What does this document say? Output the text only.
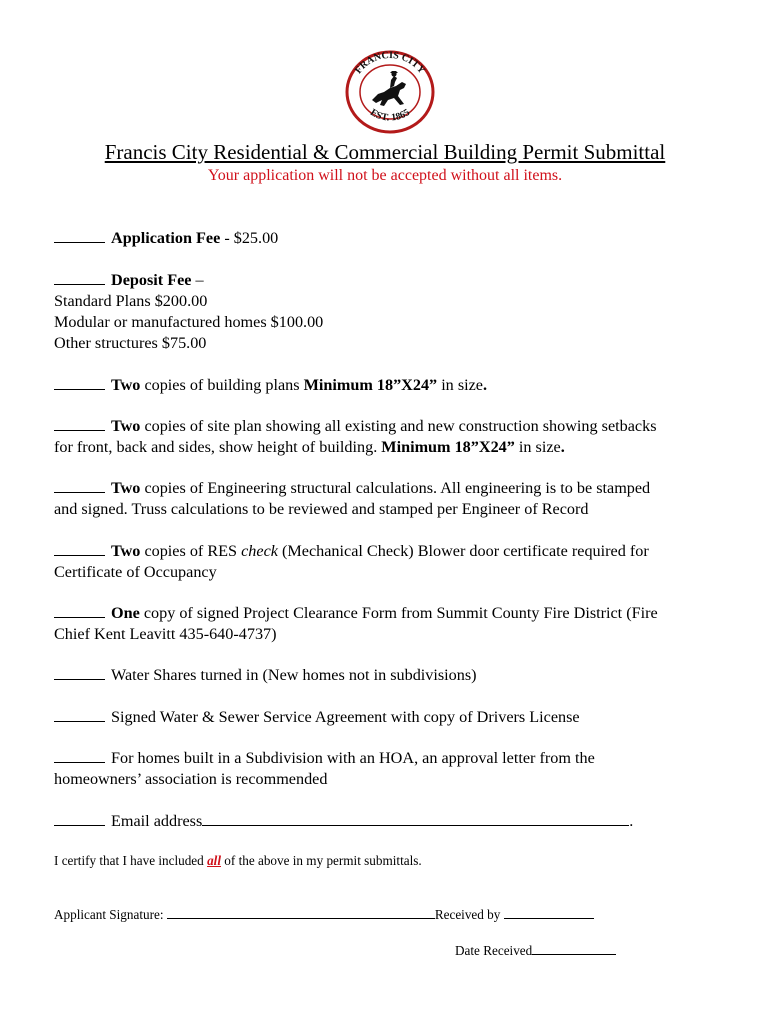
FRANCIS CITY
EST. 1865
Francis City Residential & Commercial Building Permit Submittal
Your application will not be accepted without all items.
Application Fee - $25.00
Deposit Fee –
Standard Plans $200.00
Modular or manufactured homes $100.00
Other structures $75.00
Two copies of building plans Minimum 18”X24” in size.
Two copies of site plan showing all existing and new construction showing setbacks
for front, back and sides, show height of building. Minimum 18”X24” in size.
Two copies of Engineering structural calculations. All engineering is to be stamped
and signed. Truss calculations to be reviewed and stamped per Engineer of Record
Two copies of RES check (Mechanical Check) Blower door certificate required for
Certificate of Occupancy
One copy of signed Project Clearance Form from Summit County Fire District (Fire
Chief Kent Leavitt 435-640-4737)
Water Shares turned in (New homes not in subdivisions)
Signed Water & Sewer Service Agreement with copy of Drivers License
For homes built in a Subdivision with an HOA, an approval letter from the
homeowners’ association is recommended
Email address	.
I certify that I have included all of the above in my permit submittals.
Applicant Signature:	Received by
Date Received
